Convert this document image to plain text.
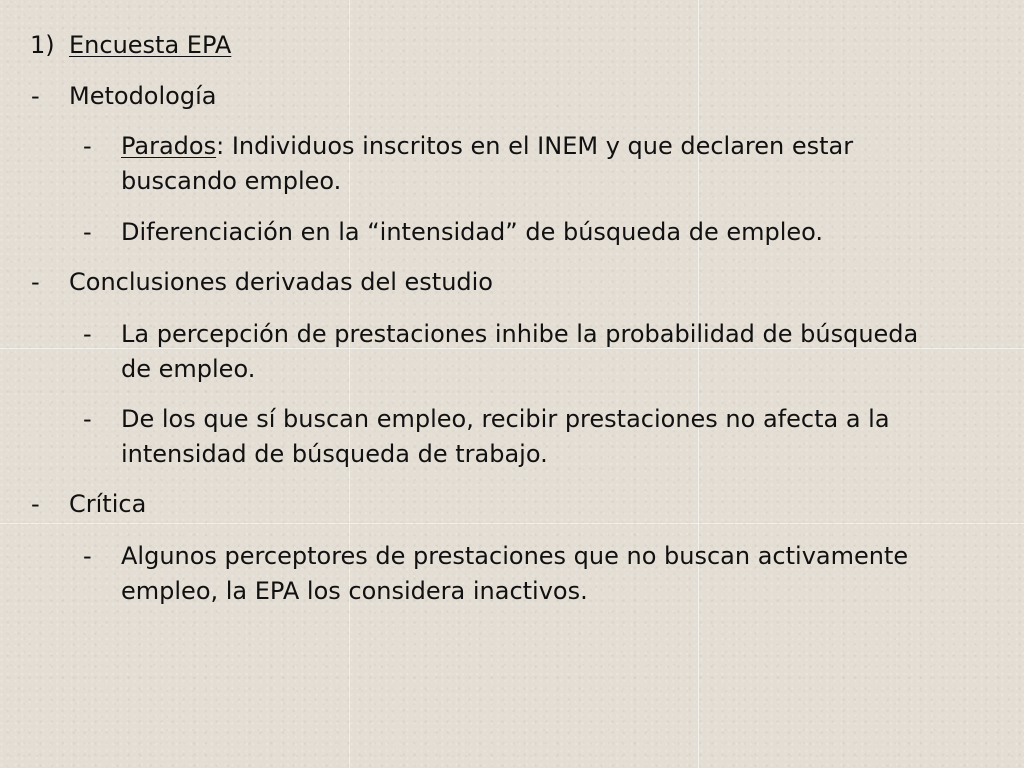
1) Encuesta EPA
- Metodología
- Parados: Individuos inscritos en el INEM y que declaren estar
buscando empleo.
- Diferenciación en la “intensidad” de búsqueda de empleo.
- Conclusiones derivadas del estudio
- La percepción de prestaciones inhibe la probabilidad de búsqueda
de empleo.
- De los que sí buscan empleo, recibir prestaciones no afecta a la
intensidad de búsqueda de trabajo.
- Crítica
- Algunos perceptores de prestaciones que no buscan activamente
empleo, la EPA los considera inactivos.
